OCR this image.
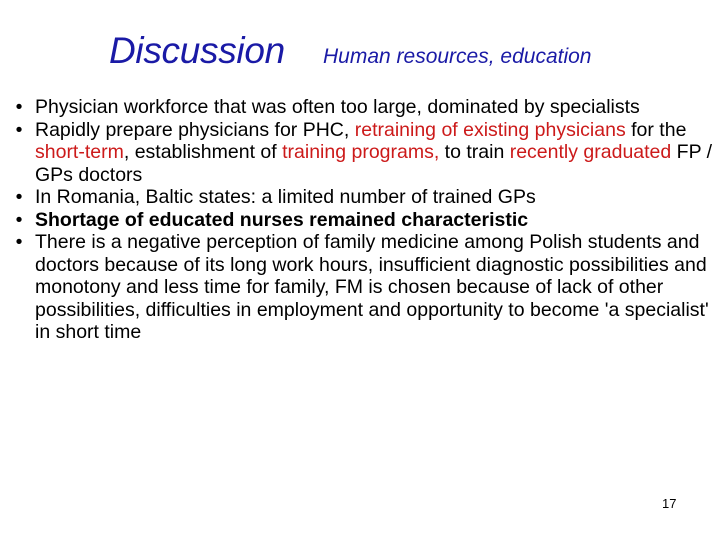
Discussion Human resources, education
• Physician workforce that was often too large, dominated by specialists
• Rapidly prepare physicians for PHC, retraining of existing physicians for the short-term, establishment of training programs, to train recently graduated FP / GPs doctors
• In Romania, Baltic states: a limited number of trained GPs
• Shortage of educated nurses remained characteristic
• There is a negative perception of family medicine among Polish students and doctors because of its long work hours, insufficient diagnostic possibilities and monotony and less time for family, FM is chosen because of lack of other possibilities, difficulties in employment and opportunity to become 'a specialist' in short time
17
